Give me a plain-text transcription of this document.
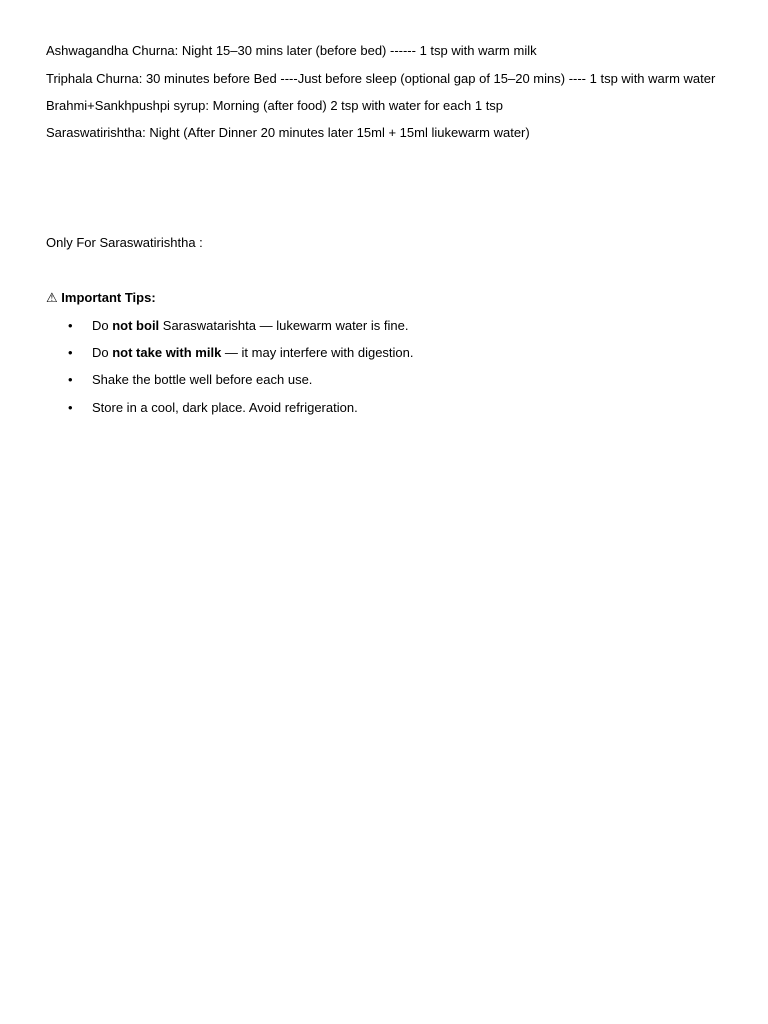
Ashwagandha Churna: Night 15–30 mins later (before bed) ------ 1 tsp with warm milk
Triphala Churna: 30 minutes before Bed ----Just before sleep (optional gap of 15–20 mins) ---- 1 tsp with warm water
Brahmi+Sankhpushpi syrup: Morning (after food) 2 tsp with water for each 1 tsp
Saraswatirishtha: Night (After Dinner 20 minutes later 15ml + 15ml liukewarm water)
Only For Saraswatirishtha :
⚠ Important Tips:
• Do not boil Saraswatarishta — lukewarm water is fine.
• Do not take with milk — it may interfere with digestion.
• Shake the bottle well before each use.
• Store in a cool, dark place. Avoid refrigeration.
